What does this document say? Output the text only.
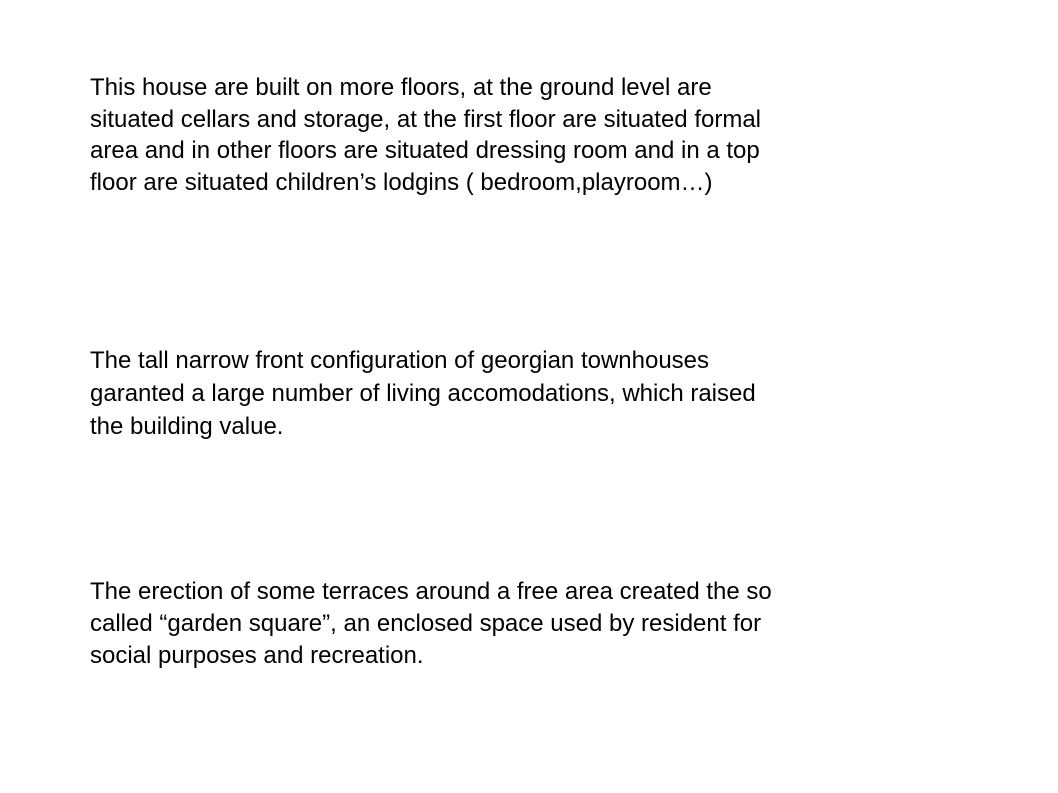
This house are built on more floors, at the ground level are
situated cellars and storage, at the first floor are situated formal
area and in other floors are situated dressing room and in a top
floor are situated children’s lodgins ( bedroom,playroom…)

The tall narrow front configuration of georgian townhouses
garanted a large number of living accomodations, which raised
the building value.

The erection of some terraces around a free area created the so
called “garden square”, an enclosed space used by resident for
social purposes and recreation.
